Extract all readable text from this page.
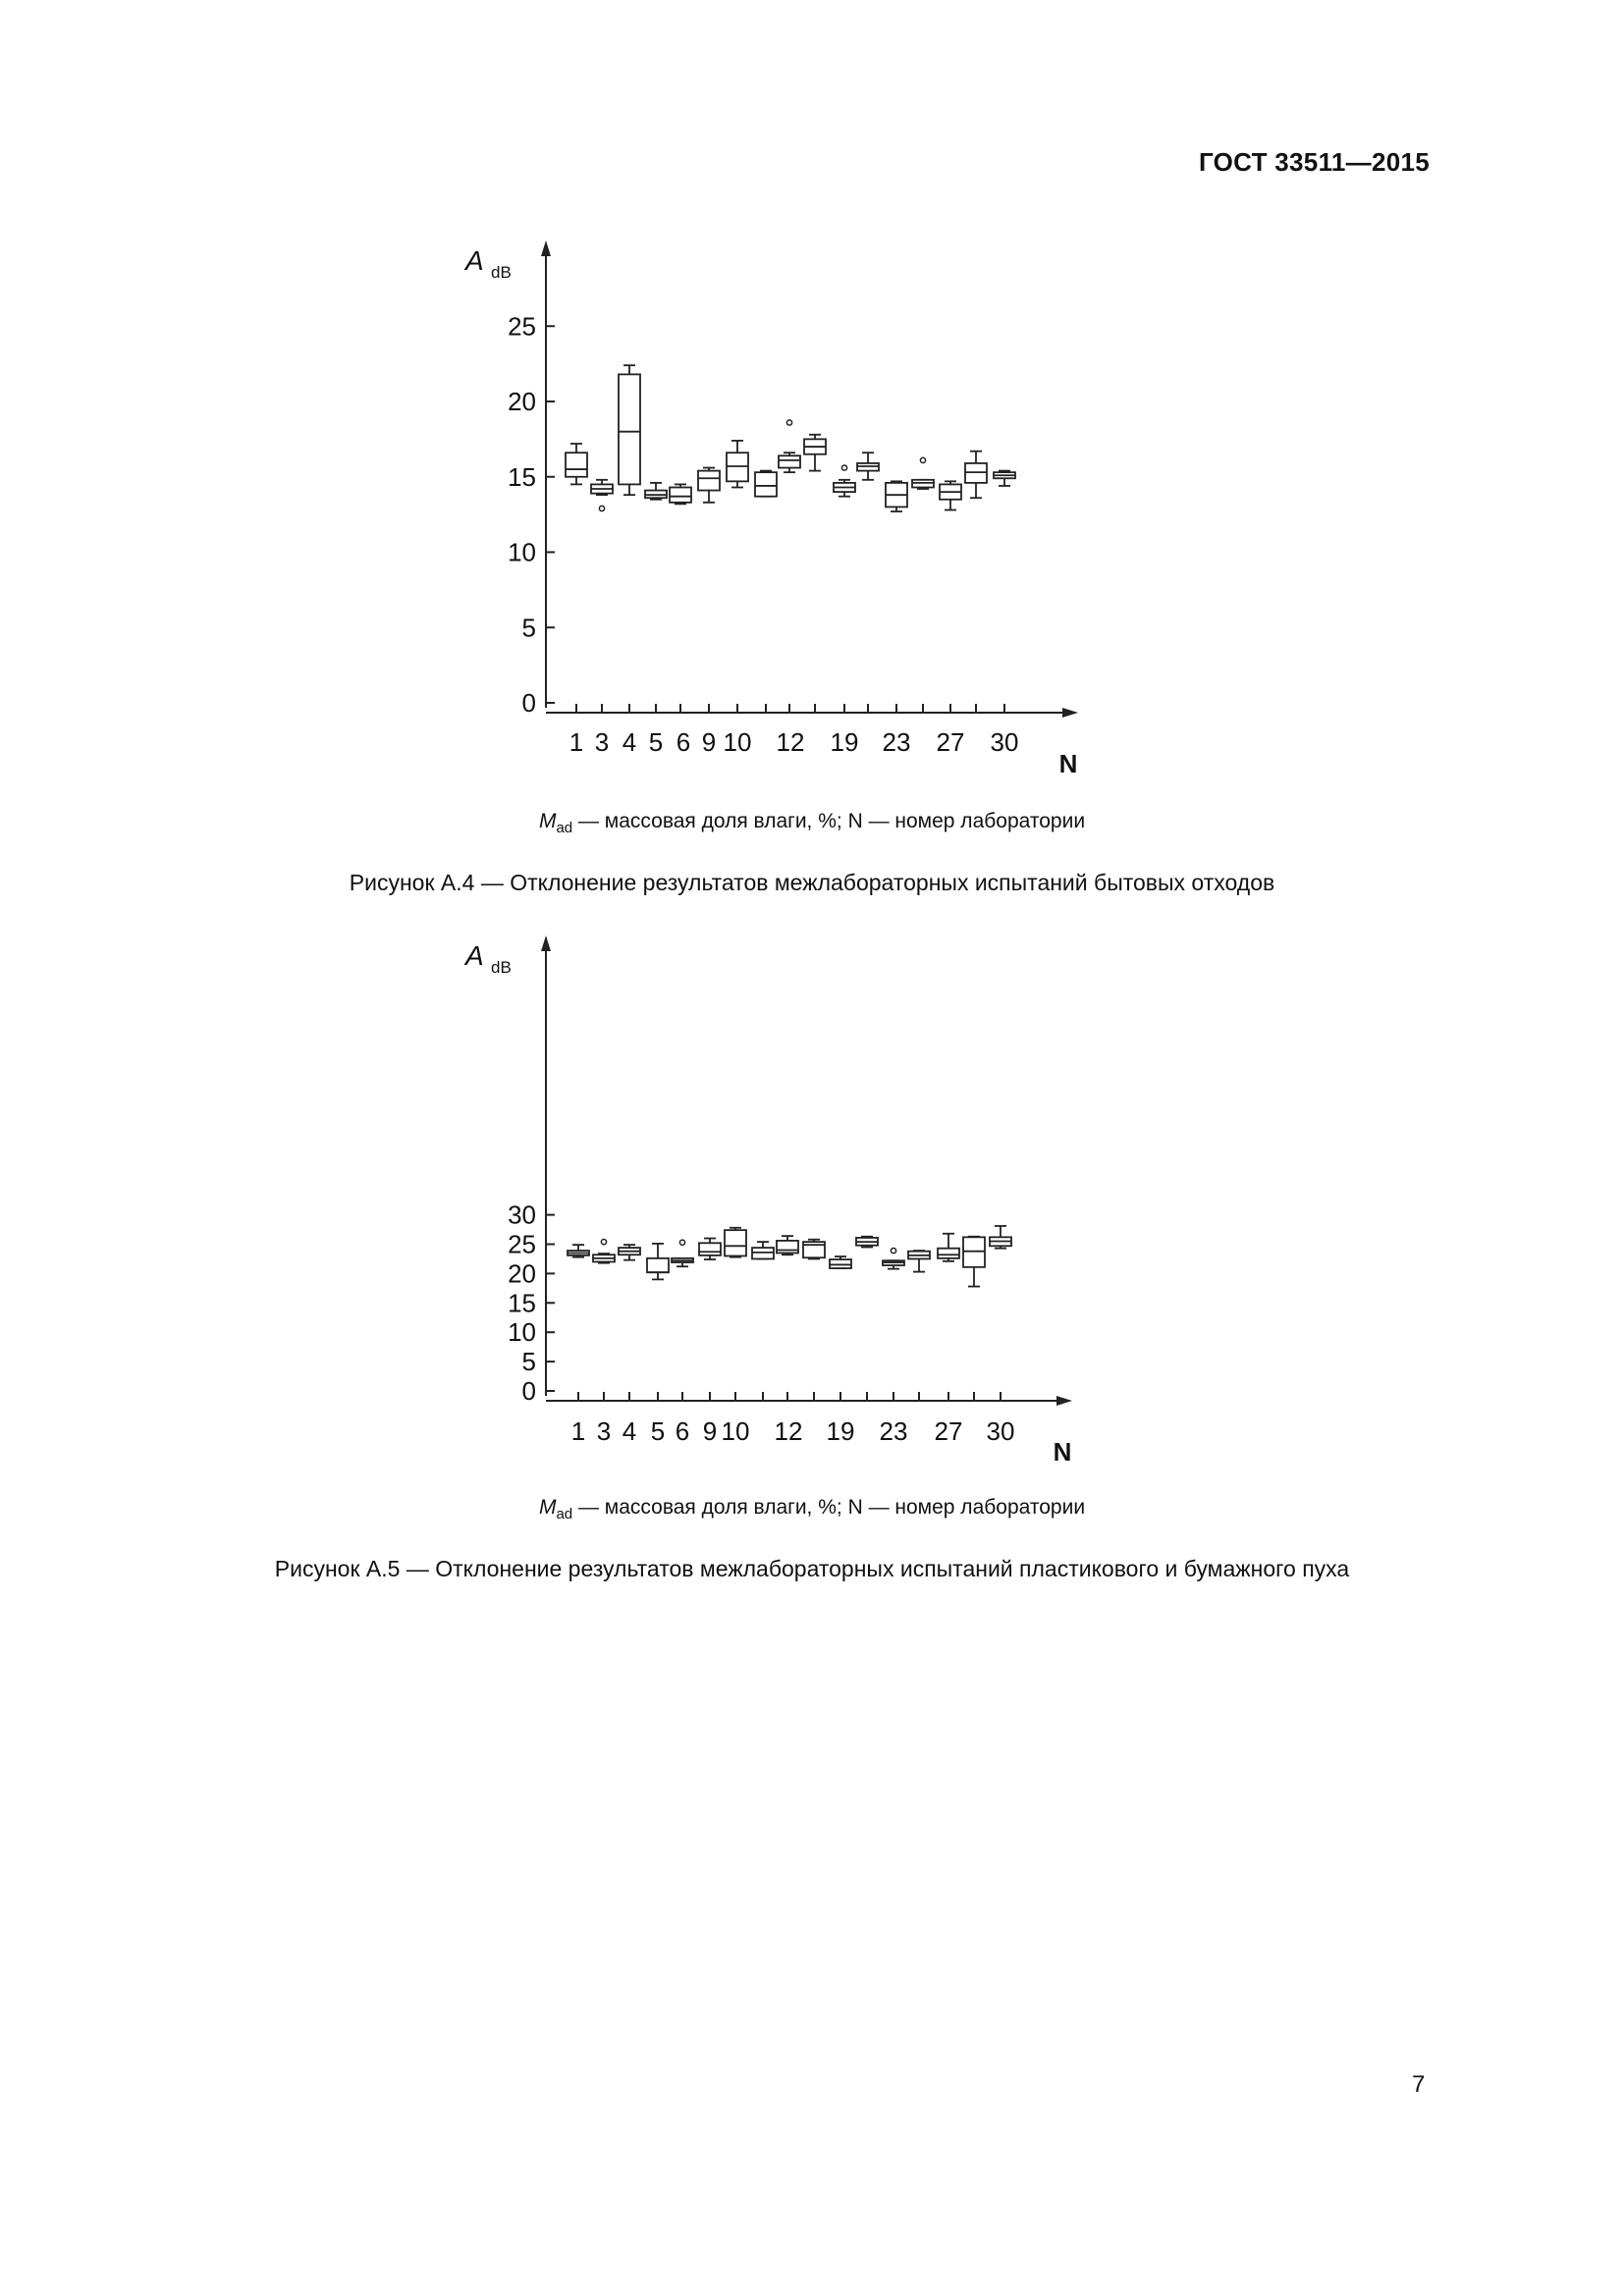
ГОСТ 33511—2015
0
5
10
15
20
25
1 3 4 5 6 9 10 12 19 23 27 30
A dB
N
$M_{ad}$ — массовая доля влаги, %; N — номер лаборатории
Рисунок А.4 — Отклонение результатов межлабораторных испытаний бытовых отходов
0
5
10
15
20
25
30
1 3 4 5 6 9 10 12 19 23 27 30
A dB
N
$M_{ad}$ — массовая доля влаги, %; N — номер лаборатории
Рисунок А.5 — Отклонение результатов межлабораторных испытаний пластикового и бумажного пуха
7
